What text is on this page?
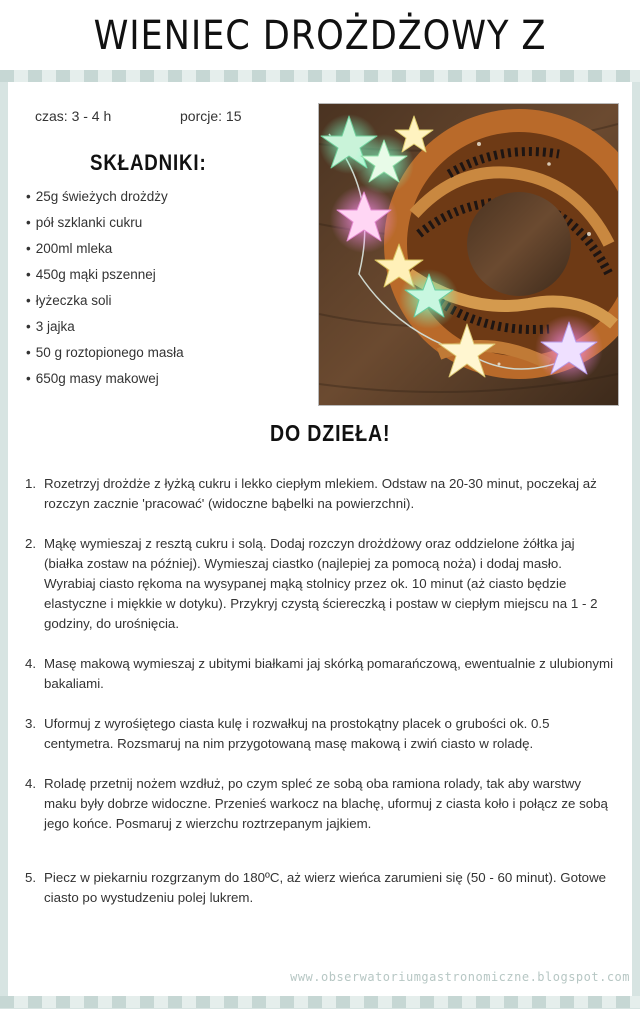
WIENIEC DROŻDŻOWY Z
czas: 3 - 4 h	porcje: 15
SKŁADNIKI:
• 25g świeżych drożdży
• pół szklanki cukru
• 200ml mleka
• 450g mąki pszennej
• łyżeczka soli
• 3 jajka
• 50 g roztopionego masła
• 650g masy makowej
DO DZIEŁA!
1. Rozetrzyj drożdże z łyżką cukru i lekko ciepłym mlekiem. Odstaw na 20-30 minut, poczekaj aż rozczyn zacznie 'pracować' (widoczne bąbelki na powierzchni).
2. Mąkę wymieszaj z resztą cukru i solą. Dodaj rozczyn drożdżowy oraz oddzielone żółtka jaj (białka zostaw na później). Wymieszaj ciastko (najlepiej za pomocą noża) i dodaj masło. Wyrabiaj ciasto rękoma na wysypanej mąką stolnicy przez ok. 10 minut (aż ciasto będzie elastyczne i miękkie w dotyku). Przykryj czystą ściereczką i postaw w ciepłym miejscu na 1 - 2 godziny, do urośnięcia.
4. Masę makową wymieszaj z ubitymi białkami jaj skórką pomarańczową, ewentualnie z ulubionymi bakaliami.
3. Uformuj z wyrośiętego ciasta kulę i rozwałkuj na prostokątny placek o grubości ok. 0.5 centymetra. Rozsmaruj na nim przygotowaną masę makową i zwiń ciasto w roladę.
4. Roladę przetnij nożem wzdłuż, po czym spleć ze sobą oba ramiona rolady, tak aby warstwy maku były dobrze widoczne. Przenieś warkocz na blachę, uformuj z ciasta koło i połącz ze sobą jego końce. Posmaruj z wierzchu roztrzepanym jajkiem.
5. Piecz w piekarniu rozgrzanym do 180ºC, aż wierz wieńca zarumieni się (50 - 60 minut). Gotowe ciasto po wystudzeniu polej lukrem.
www.obserwatoriumgastronomiczne.blogspot.com
